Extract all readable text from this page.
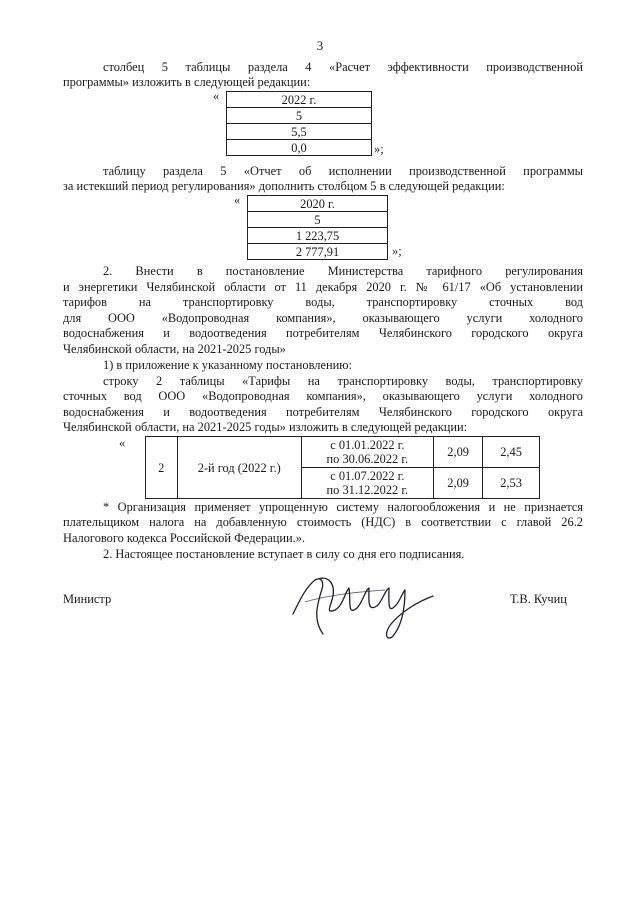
3
столбец 5 таблицы раздела 4 «Расчет эффективности производственной
программы» изложить в следующей редакции:
«	2022 г.
5
5,5
0,0	»;
таблицу раздела 5 «Отчет об исполнении производственной программы
за истекший период регулирования» дополнить столбцом 5 в следующей редакции:
«	2020 г.
5
1 223,75
2 777,91	»;
2. Внести в постановление Министерства тарифного регулирования
и энергетики Челябинской области от 11 декабря 2020 г. № 61/17 «Об установлении
тарифов на транспортировку воды, транспортировку сточных вод
для ООО «Водопроводная компания», оказывающего услуги холодного
водоснабжения и водоотведения потребителям Челябинского городского округа
Челябинской области, на 2021-2025 годы»
1) в приложение к указанному постановлению:
строку 2 таблицы «Тарифы на транспортировку воды, транспортировку
сточных вод ООО «Водопроводная компания», оказывающего услуги холодного
водоснабжения и водоотведения потребителям Челябинского городского округа
Челябинской области, на 2021-2025 годы» изложить в следующей редакции:
«
	2	2-й год (2022 г.)	с 01.01.2022 г.
по 30.06.2022 г.	2,09	2,45

			с 01.07.2022 г.
по 31.12.2022 г.	2,09	2,53
* Организация применяет упрощенную систему налогообложения и не признается
плательщиком налога на добавленную стоимость (НДС) в соответствии с главой 26.2
Налогового кодекса Российской Федерации.».
2. Настоящее постановление вступает в силу со дня его подписания.
Министр	Т.В. Кучиц
